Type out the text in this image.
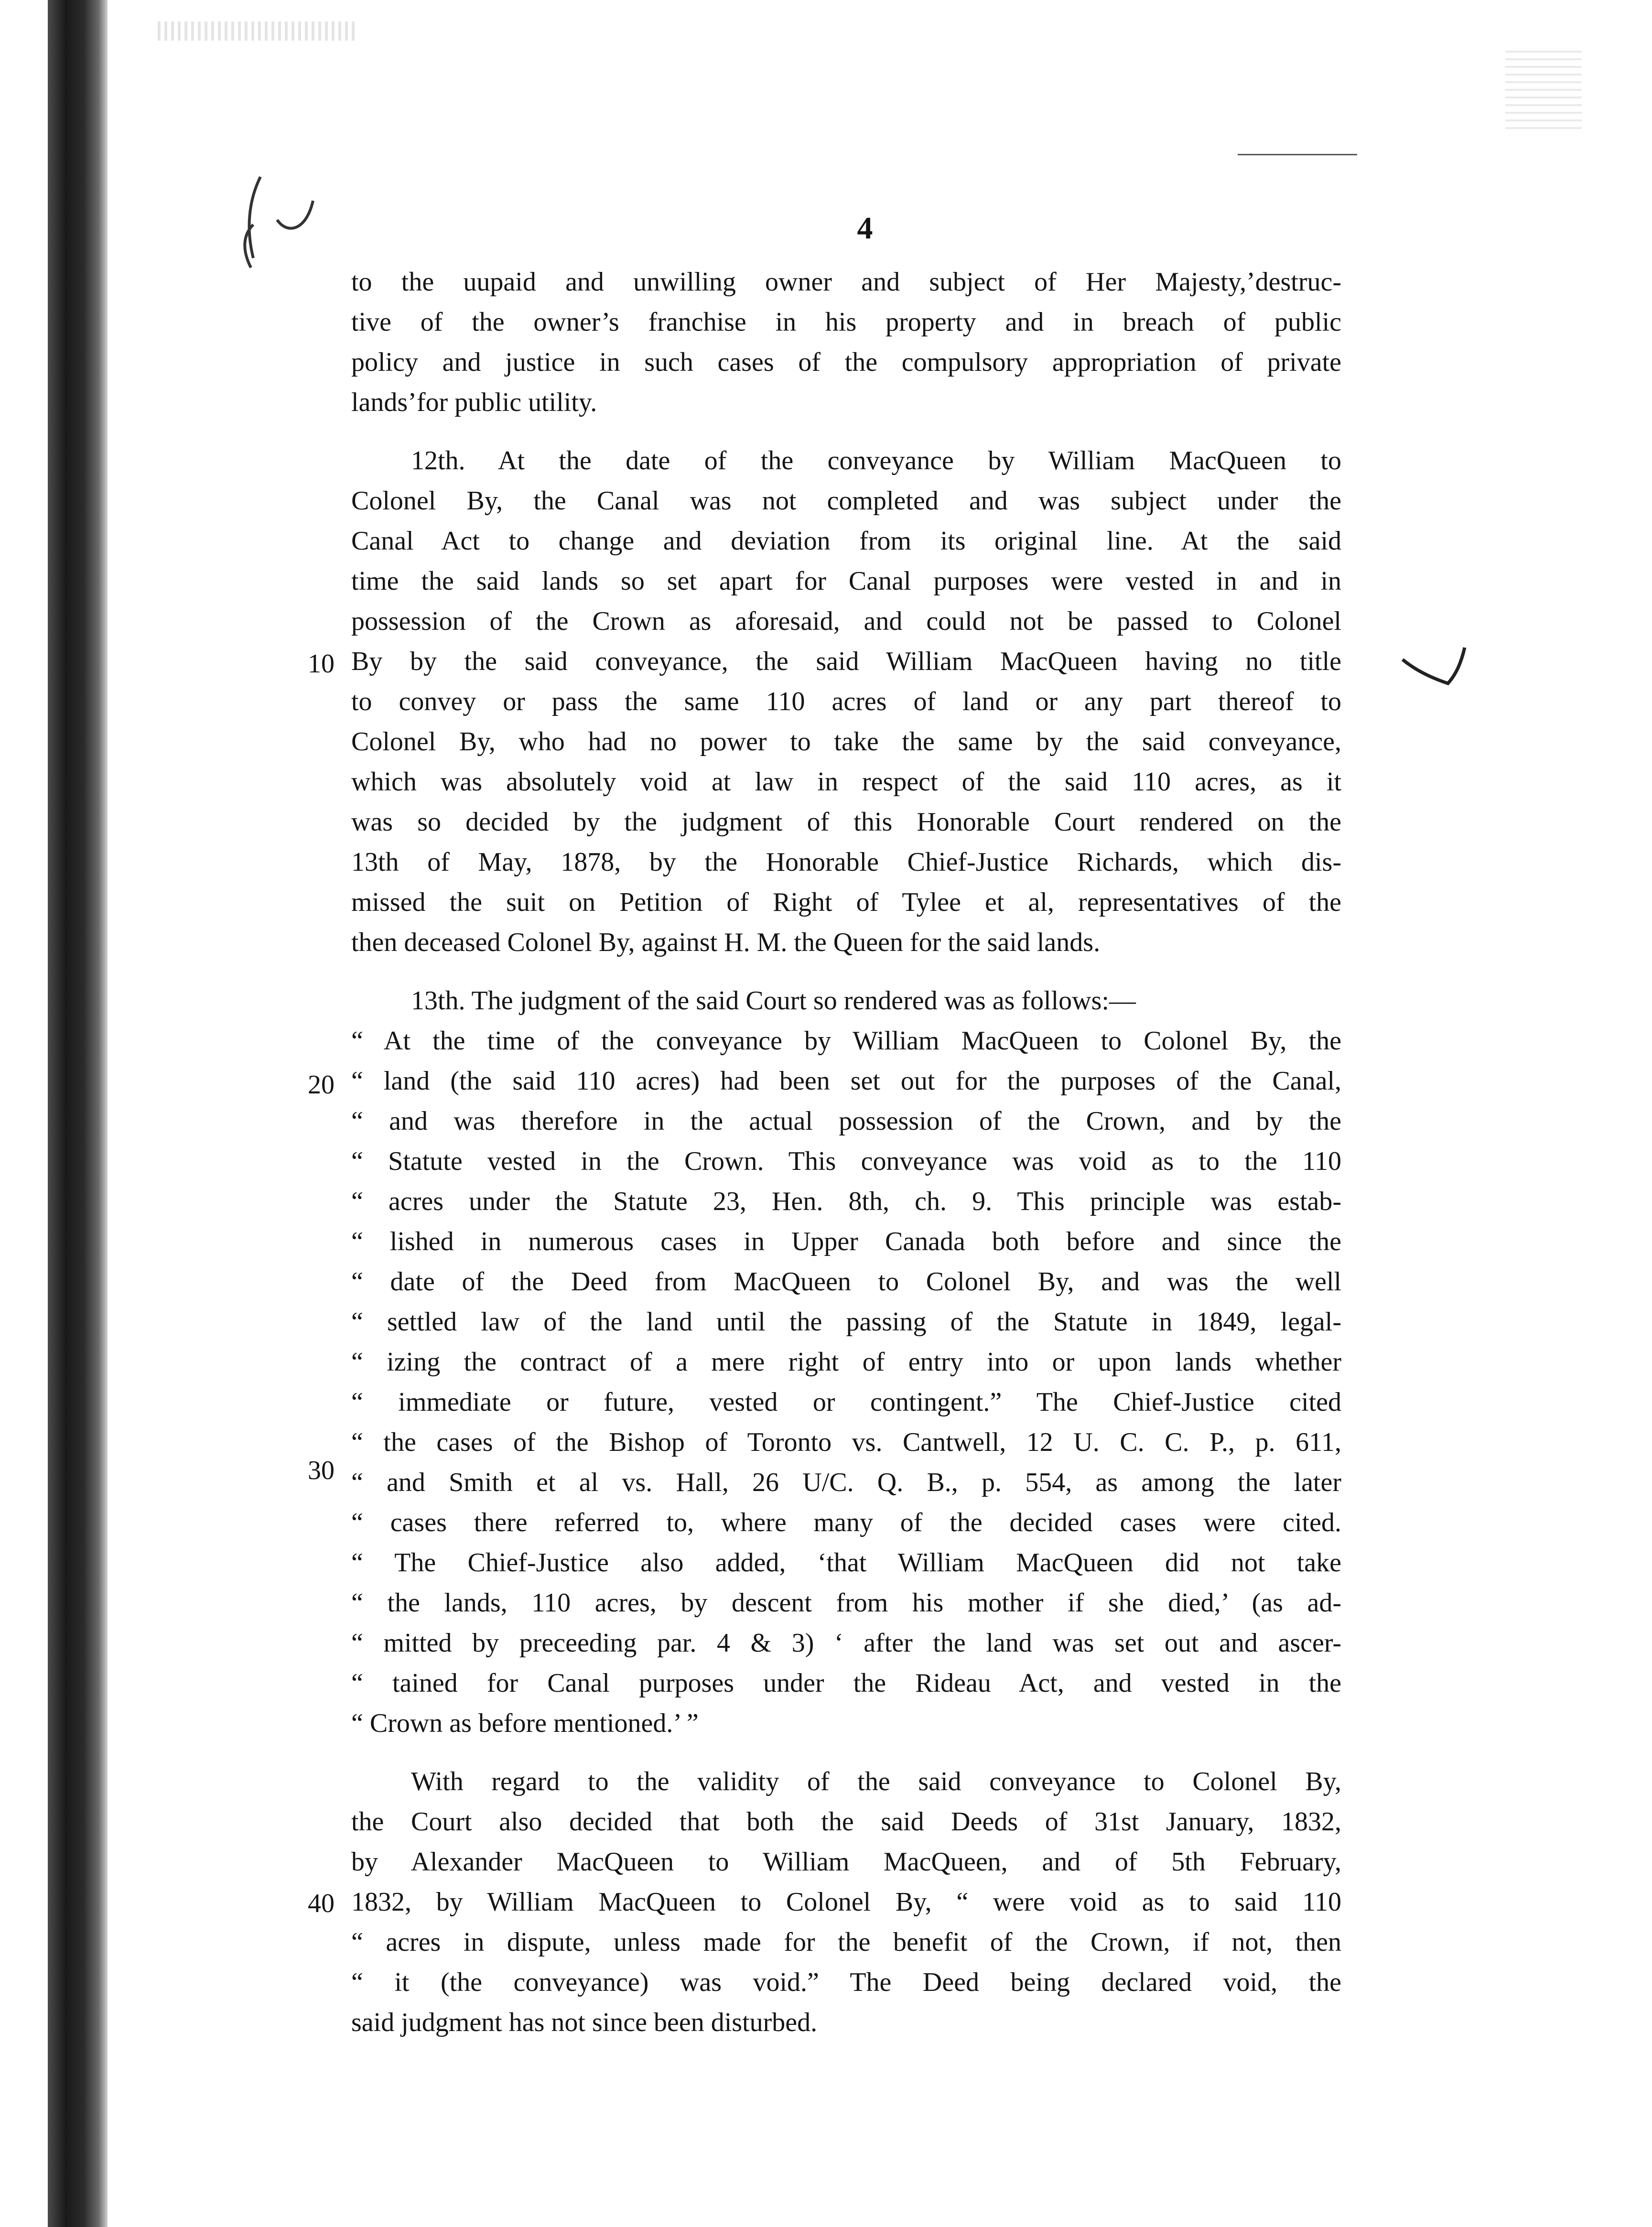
4
10
20
30
40
to the uupaid and unwilling owner and subject of Her Majesty,’destruc-
tive of the owner’s franchise in his property and in breach of public
policy and justice in such cases of the compulsory appropriation of private
lands’for public utility.
12th. At the date of the conveyance by William MacQueen to
Colonel By, the Canal was not completed and was subject under the
Canal Act to change and deviation from its original line. At the said
time the said lands so set apart for Canal purposes were vested in and in
possession of the Crown as aforesaid, and could not be passed to Colonel
By by the said conveyance, the said William MacQueen having no title
to convey or pass the same 110 acres of land or any part thereof to
Colonel By, who had no power to take the same by the said conveyance,
which was absolutely void at law in respect of the said 110 acres, as it
was so decided by the judgment of this Honorable Court rendered on the
13th of May, 1878, by the Honorable Chief-Justice Richards, which dis-
missed the suit on Petition of Right of Tylee et al, representatives of the
then deceased Colonel By, against H. M. the Queen for the said lands.
13th. The judgment of the said Court so rendered was as follows:—
“ At the time of the conveyance by William MacQueen to Colonel By, the
“ land (the said 110 acres) had been set out for the purposes of the Canal,
“ and was therefore in the actual possession of the Crown, and by the
“ Statute vested in the Crown. This conveyance was void as to the 110
“ acres under the Statute 23, Hen. 8th, ch. 9. This principle was estab-
“ lished in numerous cases in Upper Canada both before and since the
“ date of the Deed from MacQueen to Colonel By, and was the well
“ settled law of the land until the passing of the Statute in 1849, legal-
“ izing the contract of a mere right of entry into or upon lands whether
“ immediate or future, vested or contingent.” The Chief-Justice cited
“ the cases of the Bishop of Toronto vs. Cantwell, 12 U. C. C. P., p. 611,
“ and Smith et al vs. Hall, 26 U/C. Q. B., p. 554, as among the later
“ cases there referred to, where many of the decided cases were cited.
“ The Chief-Justice also added, ‘that William MacQueen did not take
“ the lands, 110 acres, by descent from his mother if she died,’ (as ad-
“ mitted by preceeding par. 4 & 3) ‘ after the land was set out and ascer-
“ tained for Canal purposes under the Rideau Act, and vested in the
“ Crown as before mentioned.’ ”
With regard to the validity of the said conveyance to Colonel By,
the Court also decided that both the said Deeds of 31st January, 1832,
by Alexander MacQueen to William MacQueen, and of 5th February,
1832, by William MacQueen to Colonel By, “ were void as to said 110
“ acres in dispute, unless made for the benefit of the Crown, if not, then
“ it (the conveyance) was void.” The Deed being declared void, the
said judgment has not since been disturbed.
